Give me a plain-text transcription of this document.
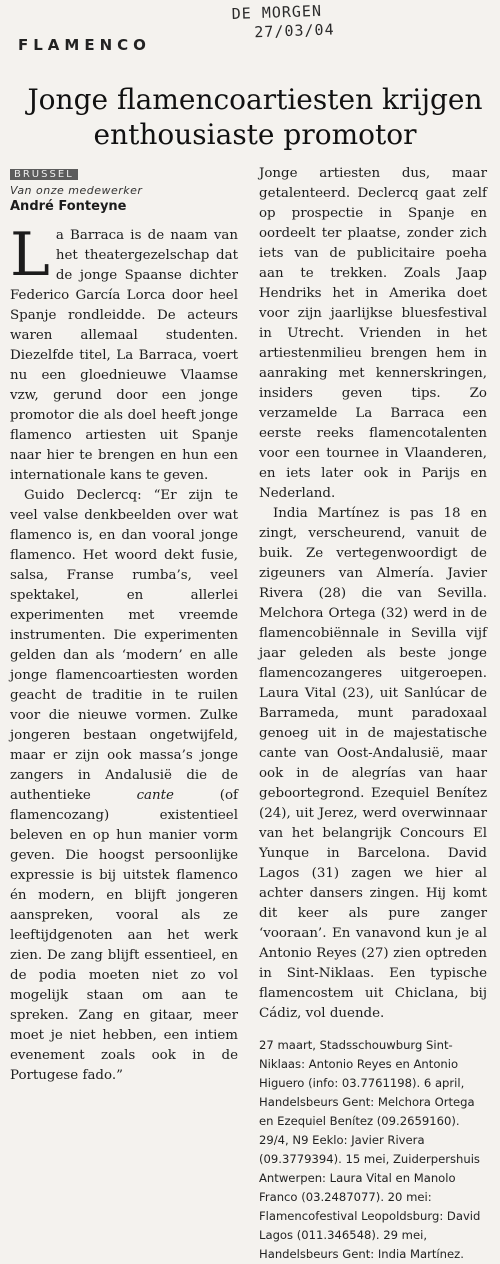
DE MORGEN
27/03/04
FLAMENCO
Jonge flamencoartiesten krijgen enthousiaste promotor
BRUSSEL
Van onze medewerker
André Fonteyne

La Barraca is de naam van het theatergezelschap dat de jonge Spaanse dichter Federico García Lorca door heel Spanje rondleidde. De acteurs waren allemaal studenten. Diezelfde titel, La Barraca, voert nu een gloednieuwe Vlaamse vzw, gerund door een jonge promotor die als doel heeft jonge flamenco artiesten uit Spanje naar hier te brengen en hun een internationale kans te geven.

Guido Declercq: “Er zijn te veel valse denkbeelden over wat flamenco is, en dan vooral jonge flamenco. Het woord dekt fusie, salsa, Franse rumba’s, veel spektakel, en allerlei experimenten met vreemde instrumenten. Die experimenten gelden dan als ‘modern’ en alle jonge flamencoartiesten worden geacht de traditie in te ruilen voor die nieuwe vormen. Zulke jongeren bestaan ongetwijfeld, maar er zijn ook massa’s jonge zangers in Andalusië die de authentieke cante (of flamencozang) existentieel beleven en op hun manier vorm geven. Die hoogst persoonlijke expressie is bij uitstek flamenco én modern, en blijft jongeren aanspreken, vooral als ze leeftijdgenoten aan het werk zien. De zang blijft essentieel, en de podia moeten niet zo vol mogelijk staan om aan te spreken. Zang en gitaar, meer moet je niet hebben, een intiem evenement zoals ook in de Portugese fado.”

Jonge artiesten dus, maar getalenteerd. Declercq gaat zelf op prospectie in Spanje en oordeelt ter plaatse, zonder zich iets van de publicitaire poeha aan te trekken. Zoals Jaap Hendriks het in Amerika doet voor zijn jaarlijkse bluesfestival in Utrecht. Vrienden in het artiestenmilieu brengen hem in aanraking met kennerskringen, insiders geven tips. Zo verzamelde La Barraca een eerste reeks flamencotalenten voor een tournee in Vlaanderen, en iets later ook in Parijs en Nederland.

India Martínez is pas 18 en zingt, verscheurend, vanuit de buik. Ze vertegenwoordigt de zigeuners van Almería. Javier Rivera (28) die van Sevilla. Melchora Ortega (32) werd in de flamencobiënnale in Sevilla vijf jaar geleden als beste jonge flamencozangeres uitgeroepen. Laura Vital (23), uit Sanlúcar de Barrameda, munt paradoxaal genoeg uit in de majestatische cante van Oost-Andalusië, maar ook in de alegrías van haar geboortegrond. Ezequiel Benítez (24), uit Jerez, werd overwinnaar van het belangrijk Concours El Yunque in Barcelona. David Lagos (31) zagen we hier al achter dansers zingen. Hij komt dit keer als pure zanger ‘vooraan’. En vanavond kun je al Antonio Reyes (27) zien optreden in Sint-Niklaas. Een typische flamencostem uit Chiclana, bij Cádiz, vol duende.

27 maart, Stadsschouwburg Sint-Niklaas: Antonio Reyes en Antonio Higuero (info: 03.7761198). 6 april, Handelsbeurs Gent: Melchora Ortega en Ezequiel Benítez (09.2659160). 29/4, N9 Eeklo: Javier Rivera (09.3779394). 15 mei, Zuiderpershuis Antwerpen: Laura Vital en Manolo Franco (03.2487077). 20 mei: Flamencofestival Leopoldsburg: David Lagos (011.346548). 29 mei, Handelsbeurs Gent: India Martínez.
